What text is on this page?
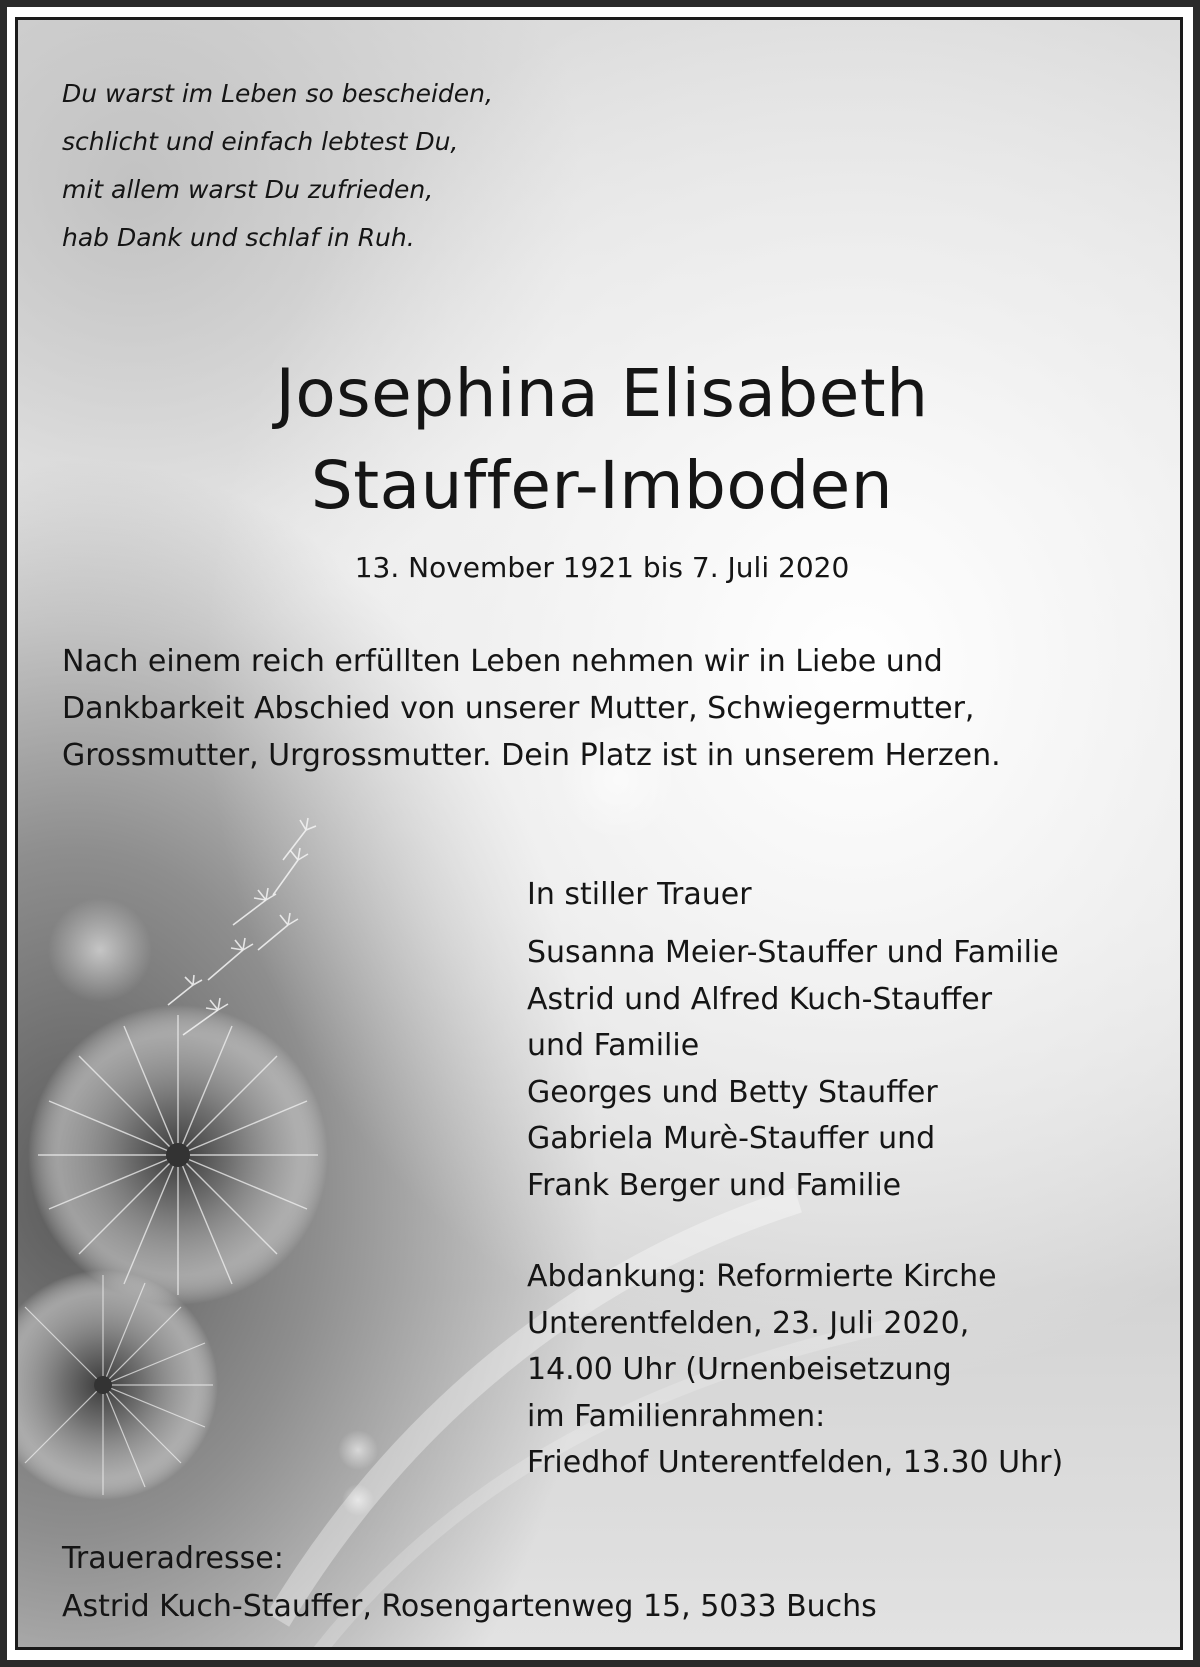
Du warst im Leben so bescheiden,
schlicht und einfach lebtest Du,
mit allem warst Du zufrieden,
hab Dank und schlaf in Ruh.
Josephina Elisabeth
Stauffer-Imboden
13. November 1921 bis 7. Juli 2020
Nach einem reich erfüllten Leben nehmen wir in Liebe und
Dankbarkeit Abschied von unserer Mutter, Schwiegermutter,
Grossmutter, Urgrossmutter. Dein Platz ist in unserem Herzen.
In stiller Trauer
Susanna Meier-Stauffer und Familie
Astrid und Alfred Kuch-Stauffer
und Familie
Georges und Betty Stauffer
Gabriela Murè-Stauffer und
Frank Berger und Familie
Abdankung: Reformierte Kirche
Unterentfelden, 23. Juli 2020,
14.00 Uhr (Urnenbeisetzung
im Familienrahmen:
Friedhof Unterentfelden, 13.30 Uhr)
Traueradresse:
Astrid Kuch-Stauffer, Rosengartenweg 15, 5033 Buchs
